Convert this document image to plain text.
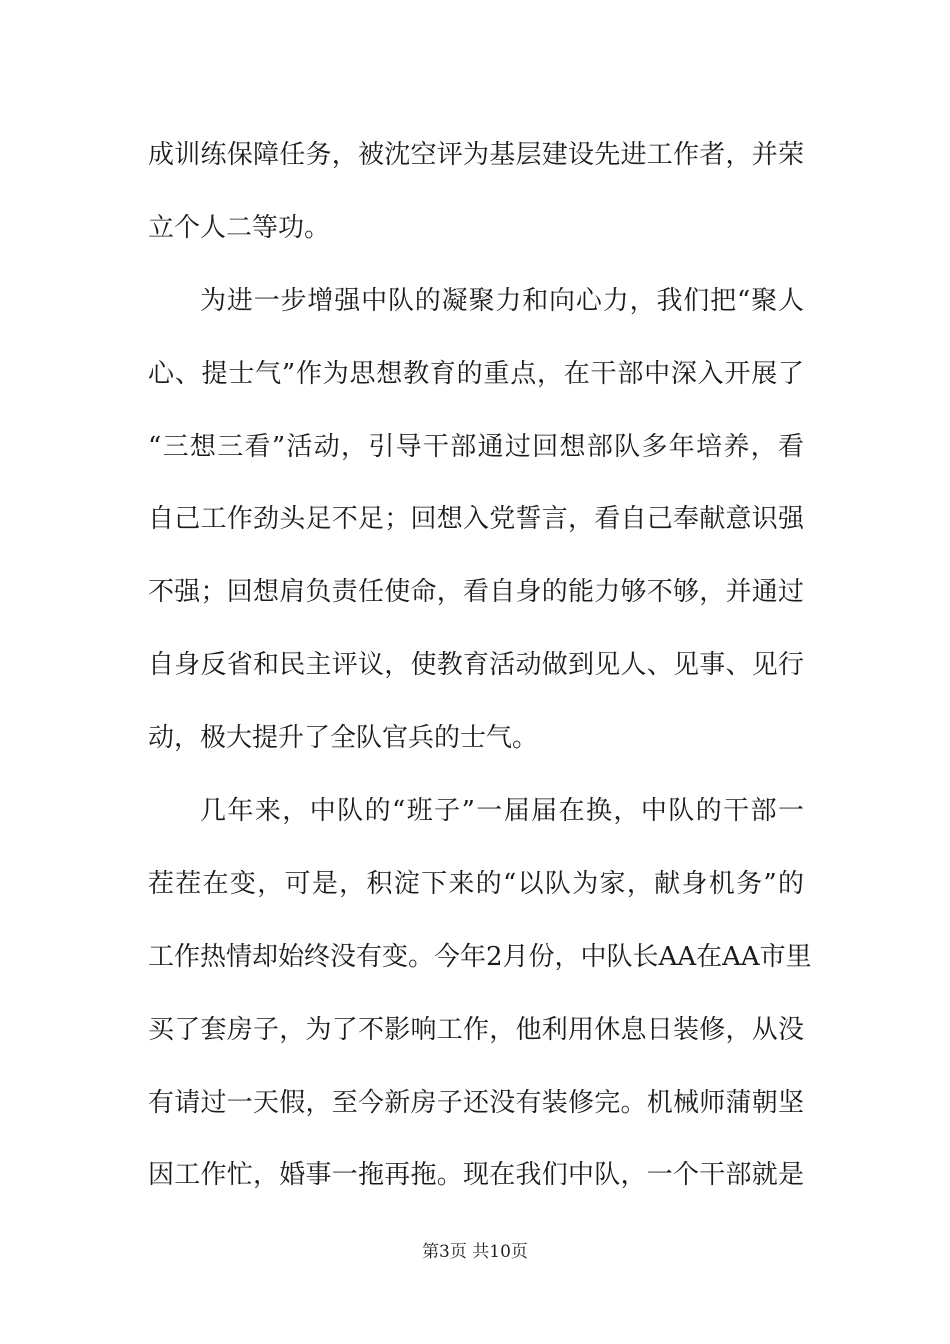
成训练保障任务，被沈空评为基层建设先进工作者，并荣
立个人二等功。
为进一步增强中队的凝聚力和向心力，我们把“聚人
心、提士气”作为思想教育的重点，在干部中深入开展了
“三想三看”活动，引导干部通过回想部队多年培养，看
自己工作劲头足不足；回想入党誓言，看自己奉献意识强
不强；回想肩负责任使命，看自身的能力够不够，并通过
自身反省和民主评议，使教育活动做到见人、见事、见行
动，极大提升了全队官兵的士气。
几年来，中队的“班子”一届届在换，中队的干部一
茬茬在变，可是，积淀下来的“以队为家，献身机务”的
工作热情却始终没有变。今年2月份，中队长AA在AA市里
买了套房子，为了不影响工作，他利用休息日装修，从没
有请过一天假，至今新房子还没有装修完。机械师蒲朝坚
因工作忙，婚事一拖再拖。现在我们中队，一个干部就是
第3页 共10页
